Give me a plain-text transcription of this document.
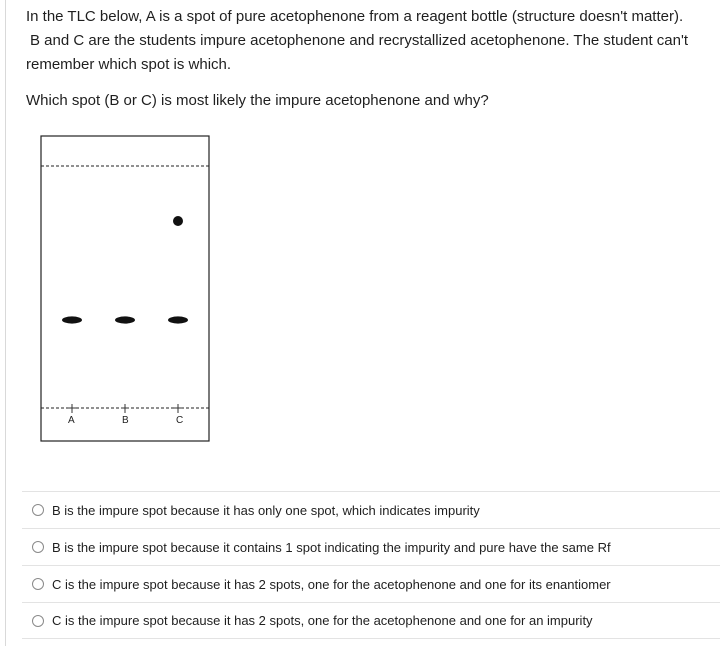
In the TLC below, A is a spot of pure acetophenone from a reagent bottle (structure doesn't matter).

B and C are the students impure acetophenone and recrystallized acetophenone. The student can't

remember which spot is which.

Which spot (B or C) is most likely the impure acetophenone and why?

A	B	C
B is the impure spot because it has only one spot, which indicates impurity
B is the impure spot because it contains 1 spot indicating the impurity and pure have the same Rf
C is the impure spot because it has 2 spots, one for the acetophenone and one for its enantiomer
C is the impure spot because it has 2 spots, one for the acetophenone and one for an impurity
